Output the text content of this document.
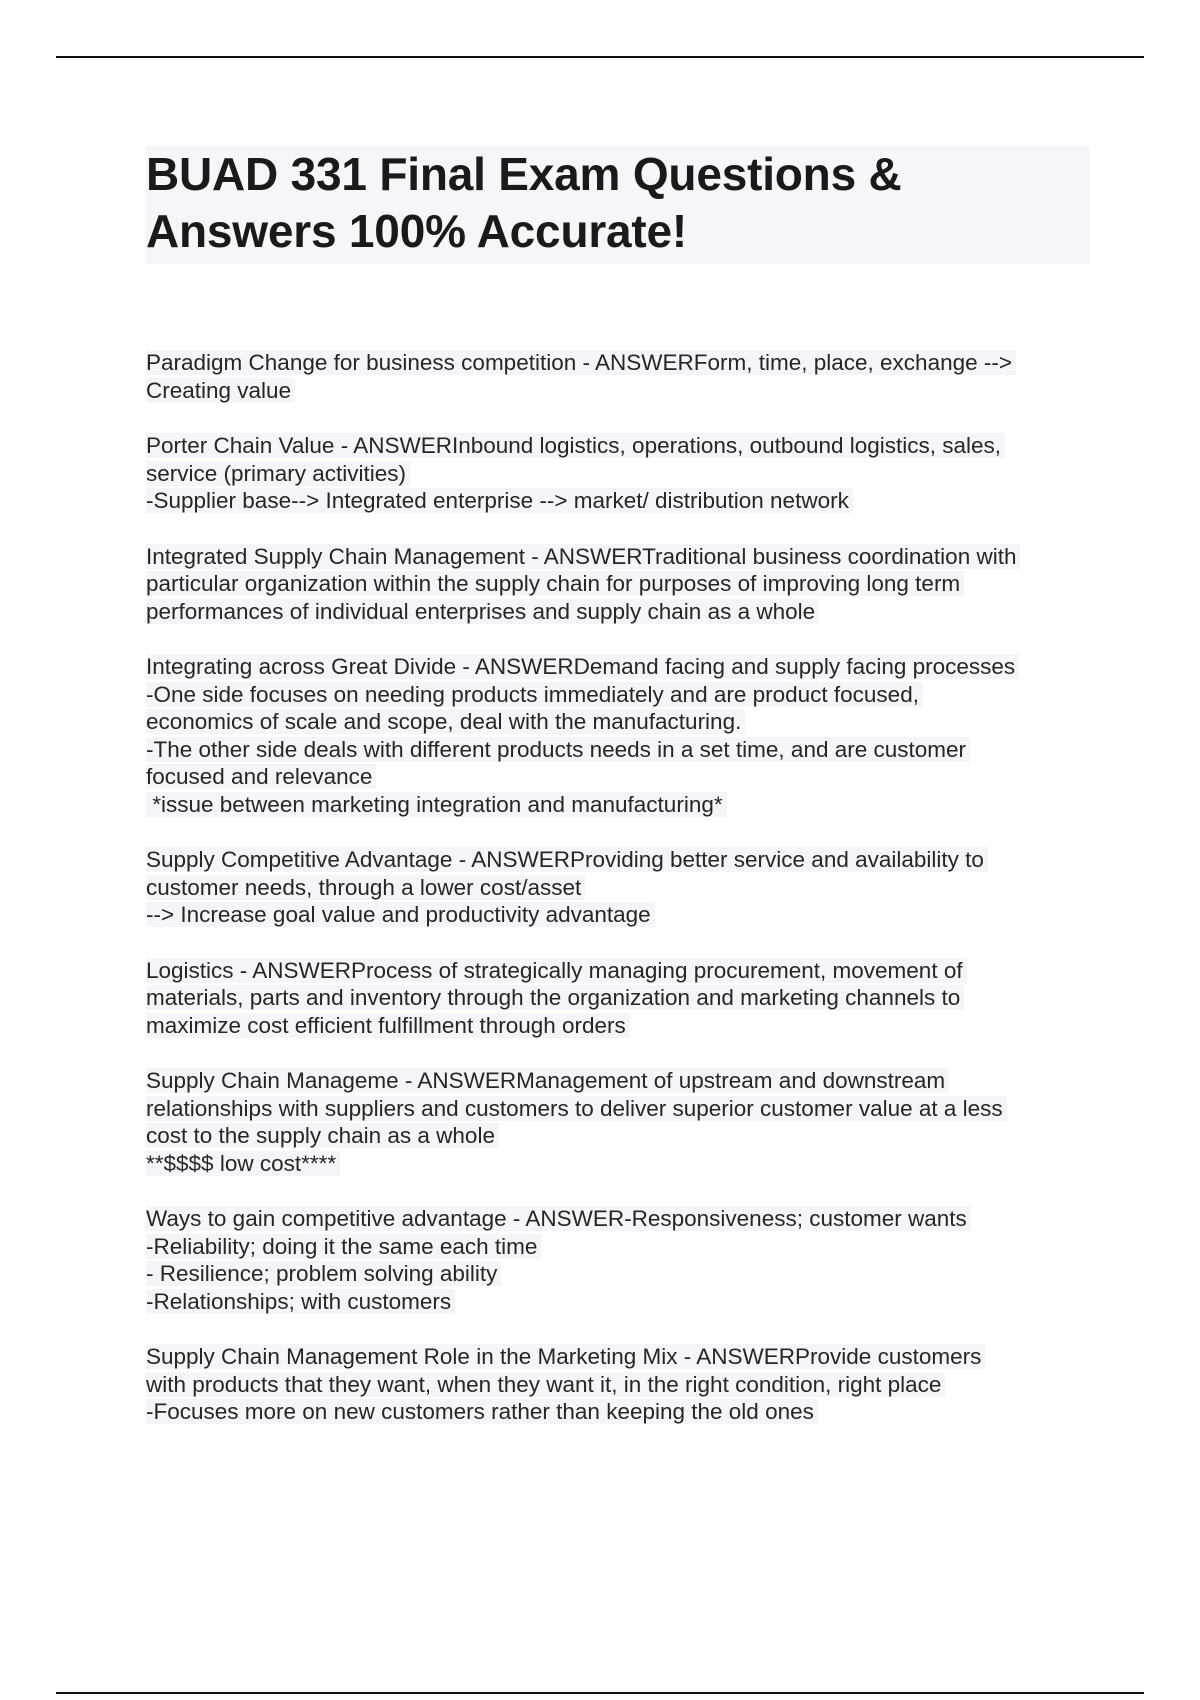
BUAD 331 Final Exam Questions &
Answers 100% Accurate!
Paradigm Change for business competition - ANSWERForm, time, place, exchange -->
Creating value
Porter Chain Value - ANSWERInbound logistics, operations, outbound logistics, sales,
service (primary activities)
-Supplier base--> Integrated enterprise --> market/ distribution network
Integrated Supply Chain Management - ANSWERTraditional business coordination with
particular organization within the supply chain for purposes of improving long term
performances of individual enterprises and supply chain as a whole
Integrating across Great Divide - ANSWERDemand facing and supply facing processes
-One side focuses on needing products immediately and are product focused,
economics of scale and scope, deal with the manufacturing.
-The other side deals with different products needs in a set time, and are customer
focused and relevance
*issue between marketing integration and manufacturing*
Supply Competitive Advantage - ANSWERProviding better service and availability to
customer needs, through a lower cost/asset
--> Increase goal value and productivity advantage
Logistics - ANSWERProcess of strategically managing procurement, movement of
materials, parts and inventory through the organization and marketing channels to
maximize cost efficient fulfillment through orders
Supply Chain Manageme - ANSWERManagement of upstream and downstream
relationships with suppliers and customers to deliver superior customer value at a less
cost to the supply chain as a whole
**$$$$ low cost****
Ways to gain competitive advantage - ANSWER-Responsiveness; customer wants
-Reliability; doing it the same each time
- Resilience; problem solving ability
-Relationships; with customers
Supply Chain Management Role in the Marketing Mix - ANSWERProvide customers
with products that they want, when they want it, in the right condition, right place
-Focuses more on new customers rather than keeping the old ones
